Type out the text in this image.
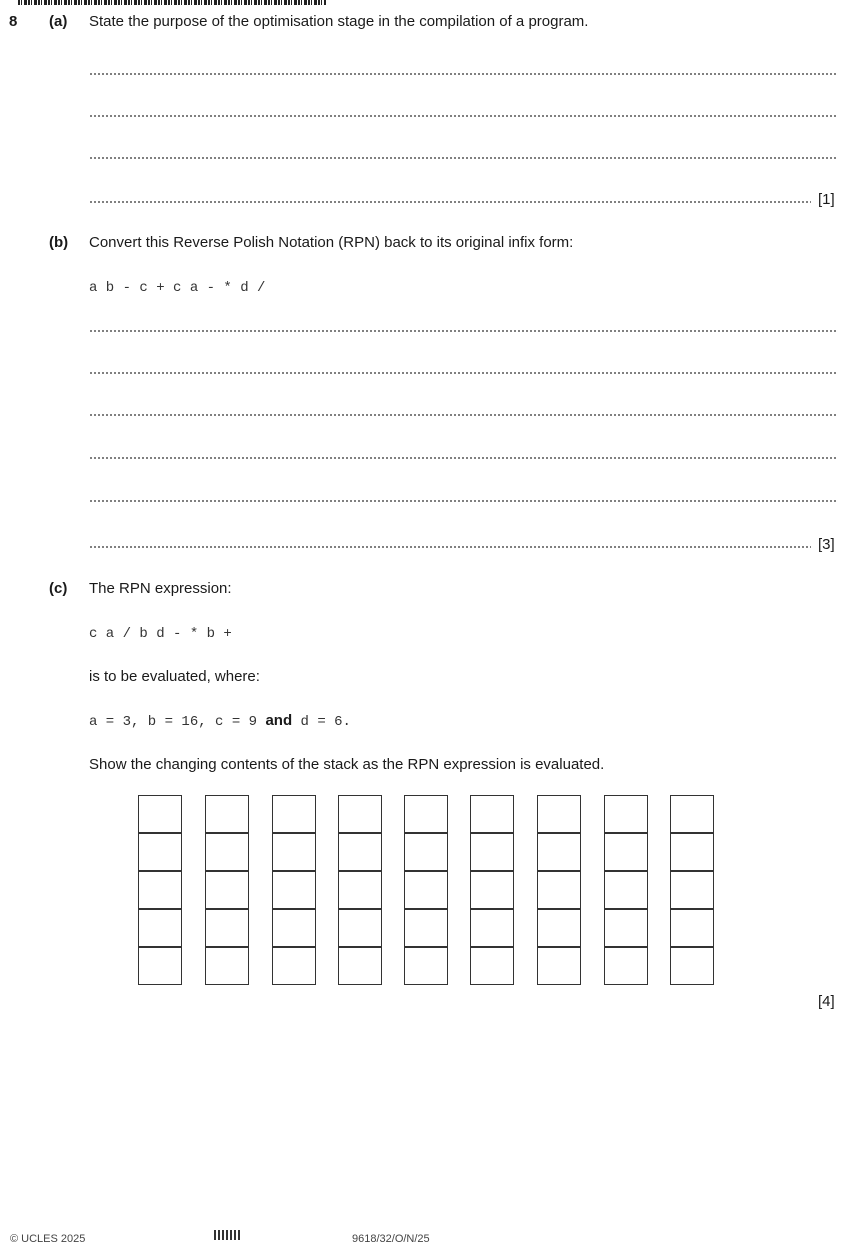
8 (a) State the purpose of the optimisation stage in the compilation of a program.
[1]
(b) Convert this Reverse Polish Notation (RPN) back to its original infix form:
a b - c + c a - * d /
[3]
(c) The RPN expression:
c a / b d - * b +
is to be evaluated, where:
a = 3, b = 16, c = 9 and d = 6.
Show the changing contents of the stack as the RPN expression is evaluated.
[4]
© UCLES 2025	9618/32/O/N/25
